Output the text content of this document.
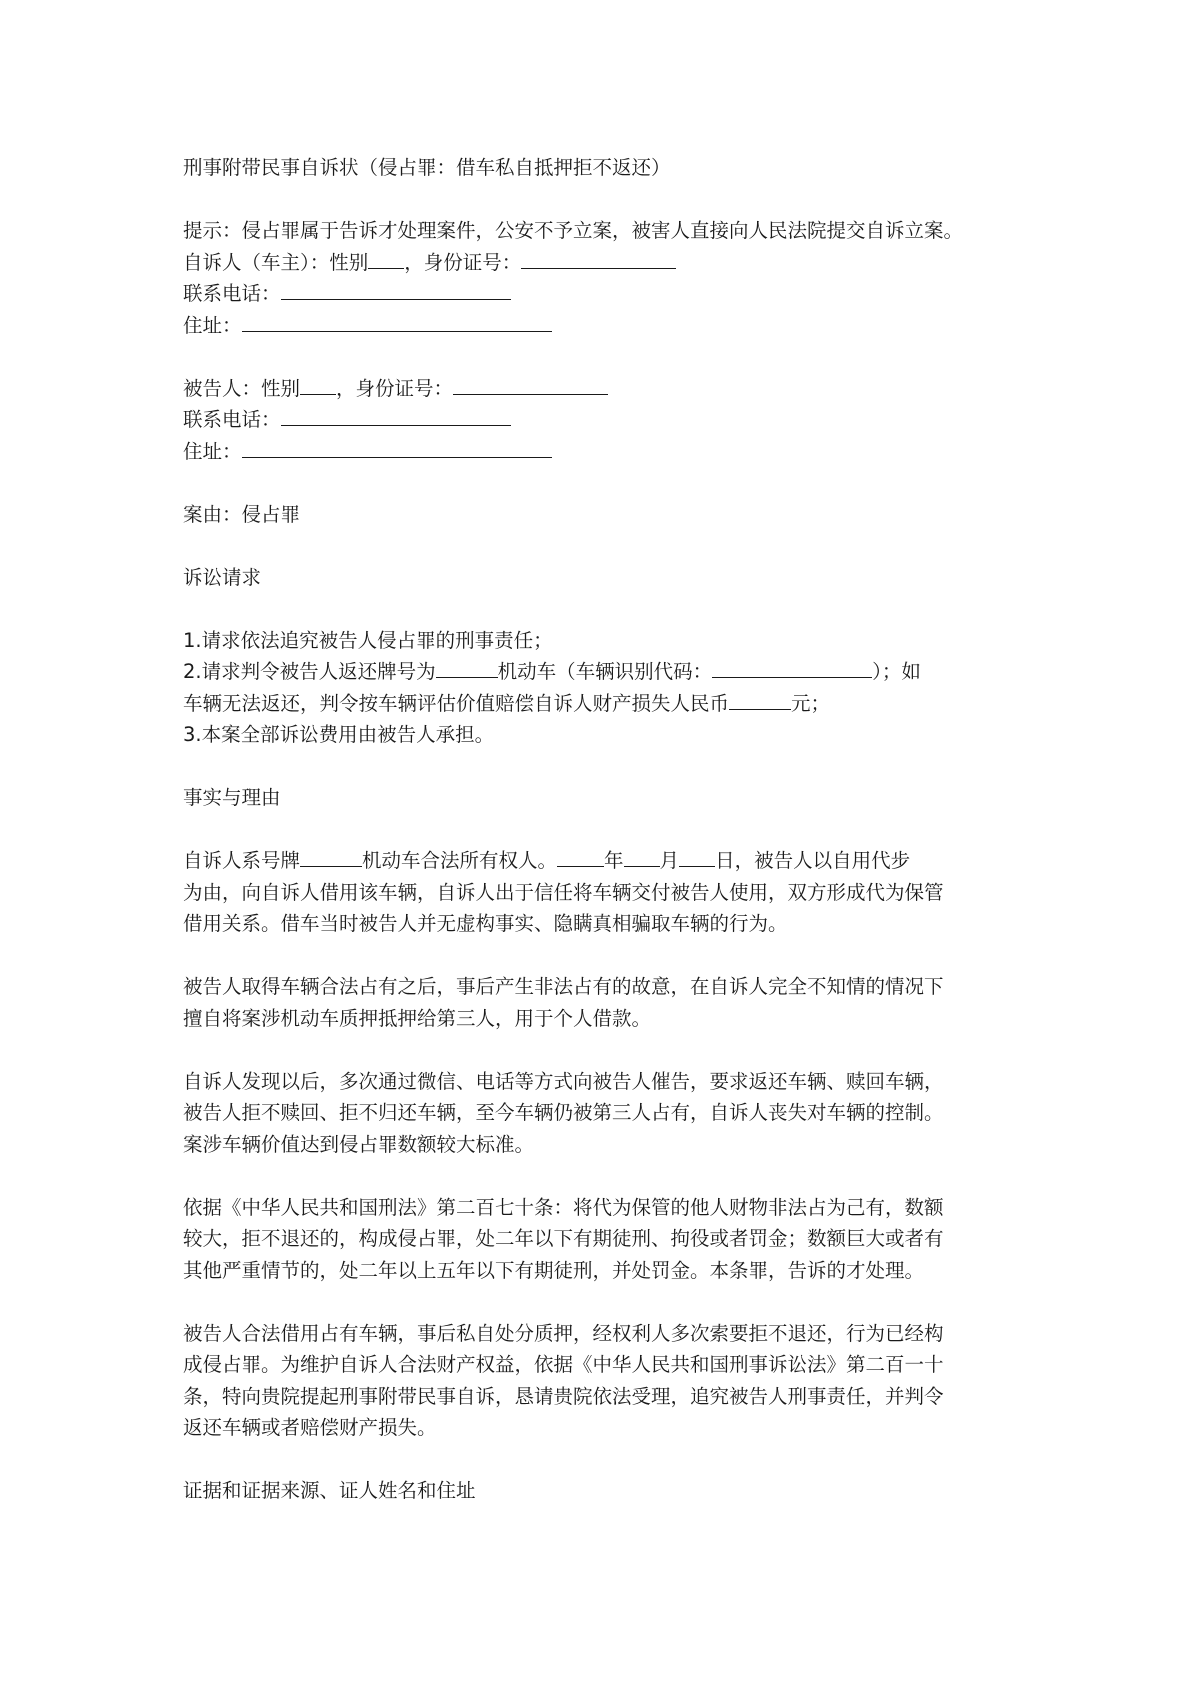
刑事附带民事自诉状（侵占罪：借车私自抵押拒不返还）

提示：侵占罪属于告诉才处理案件，公安不予立案，被害人直接向人民法院提交自诉立案。

自诉人（车主）：性别 ，身份证号：

联系电话：

住址：

被告人：性别 ，身份证号：

联系电话：

住址：

案由：侵占罪

诉讼请求

1.请求依法追究被告人侵占罪的刑事责任；

2.请求判令被告人返还牌号为	机动车（车辆识别代码：	）；如

车辆无法返还，判令按车辆评估价值赔偿自诉人财产损失人民币	元；

3.本案全部诉讼费用由被告人承担。

事实与理由

自诉人系号牌	机动车合法所有权人。 年 月 日，被告人以自用代步

为由，向自诉人借用该车辆，自诉人出于信任将车辆交付被告人使用，双方形成代为保管

借用关系。借车当时被告人并无虚构事实、隐瞒真相骗取车辆的行为。

被告人取得车辆合法占有之后，事后产生非法占有的故意，在自诉人完全不知情的情况下

擅自将案涉机动车质押抵押给第三人，用于个人借款。

自诉人发现以后，多次通过微信、电话等方式向被告人催告，要求返还车辆、赎回车辆，

被告人拒不赎回、拒不归还车辆，至今车辆仍被第三人占有，自诉人丧失对车辆的控制。

案涉车辆价值达到侵占罪数额较大标准。

依据《中华人民共和国刑法》第二百七十条：将代为保管的他人财物非法占为己有，数额

较大，拒不退还的，构成侵占罪，处二年以下有期徒刑、拘役或者罚金；数额巨大或者有

其他严重情节的，处二年以上五年以下有期徒刑，并处罚金。本条罪，告诉的才处理。

被告人合法借用占有车辆，事后私自处分质押，经权利人多次索要拒不退还，行为已经构

成侵占罪。为维护自诉人合法财产权益，依据《中华人民共和国刑事诉讼法》第二百一十

条，特向贵院提起刑事附带民事自诉，恳请贵院依法受理，追究被告人刑事责任，并判令

返还车辆或者赔偿财产损失。

证据和证据来源、证人姓名和住址
